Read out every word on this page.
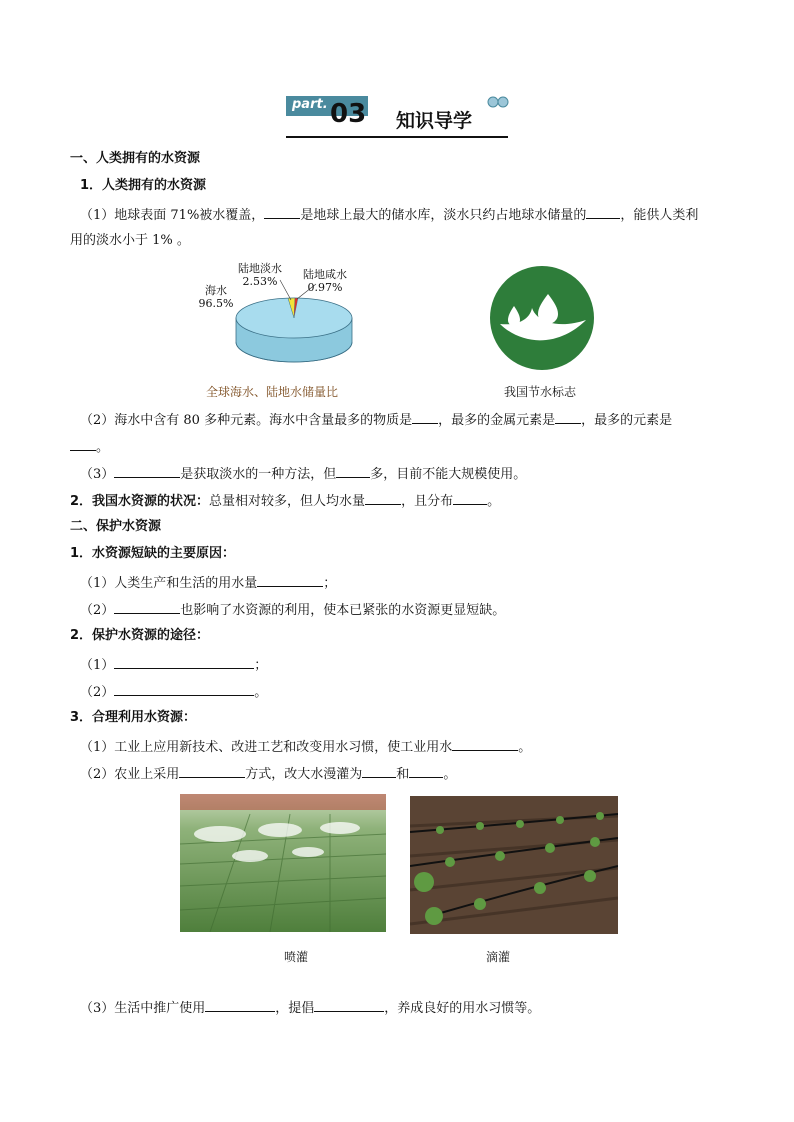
part. 03 知识导学
一、人类拥有的水资源
1．人类拥有的水资源
（1）地球表面 71%被水覆盖，	是地球上最大的储水库，淡水只约占地球水储量的	，能供人类利
用的淡水小于 1% 。
陆地淡水
2.53%
陆地咸水
0.97%
海水
96.5%
全球海水、陆地水储量比	我国节水标志
（2）海水中含有 80 多种元素。海水中含量最多的物质是 ，最多的金属元素是 ，最多的元素是
。
（3）	是获取淡水的一种方法，但	多，目前不能大规模使用。
2．我国水资源的状况：总量相对较多，但人均水量	，且分布	。
二、保护水资源
1．水资源短缺的主要原因：
（1）人类生产和生活的用水量	；
（2）	也影响了水资源的利用，使本已紧张的水资源更显短缺。
2．保护水资源的途径：
（1）	；
（2）	。
3．合理利用水资源：
（1）工业上应用新技术、改进工艺和改变用水习惯，使工业用水	。
（2）农业上采用	方式，改大水漫灌为	和	。
喷灌	滴灌
（3）生活中推广使用	，提倡	，养成良好的用水习惯等。
